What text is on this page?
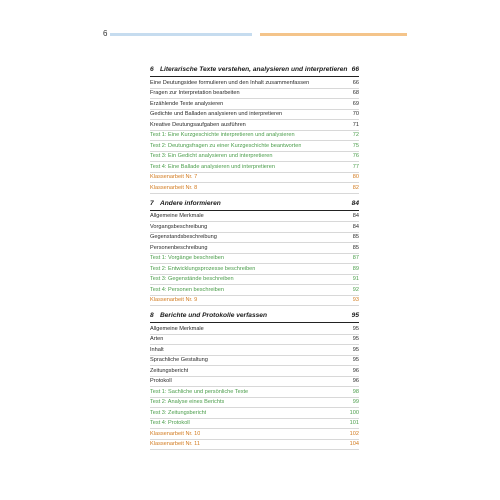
6
6 Literarische Texte verstehen, analysieren und interpretieren 66
Eine Deutungsidee formulieren und den Inhalt zusammenfassen	66
Fragen zur Interpretation bearbeiten	68
Erzählende Texte analysieren	69
Gedichte und Balladen analysieren und interpretieren	70
Kreative Deutungsaufgaben ausführen	71
Test 1: Eine Kurzgeschichte interpretieren und analysieren	72
Test 2: Deutungsfragen zu einer Kurzgeschichte beantworten	75
Test 3: Ein Gedicht analysieren und interpretieren	76
Test 4: Eine Ballade analysieren und interpretieren	77
Klassenarbeit Nr. 7	80
Klassenarbeit Nr. 8	82
7 Andere informieren	84
Allgemeine Merkmale	84
Vorgangsbeschreibung	84
Gegenstandsbeschreibung	85
Personenbeschreibung	85
Test 1: Vorgänge beschreiben	87
Test 2: Entwicklungsprozesse beschreiben	89
Test 3: Gegenstände beschreiben	91
Test 4: Personen beschreiben	92
Klassenarbeit Nr. 9	93
8 Berichte und Protokolle verfassen	95
Allgemeine Merkmale	95
Arten	95
Inhalt	95
Sprachliche Gestaltung	95
Zeitungsbericht	96
Protokoll	96
Test 1: Sachliche und persönliche Texte	98
Test 2: Analyse eines Berichts	99
Test 3: Zeitungsbericht	100
Test 4: Protokoll	101
Klassenarbeit Nr. 10	102
Klassenarbeit Nr. 11	104
